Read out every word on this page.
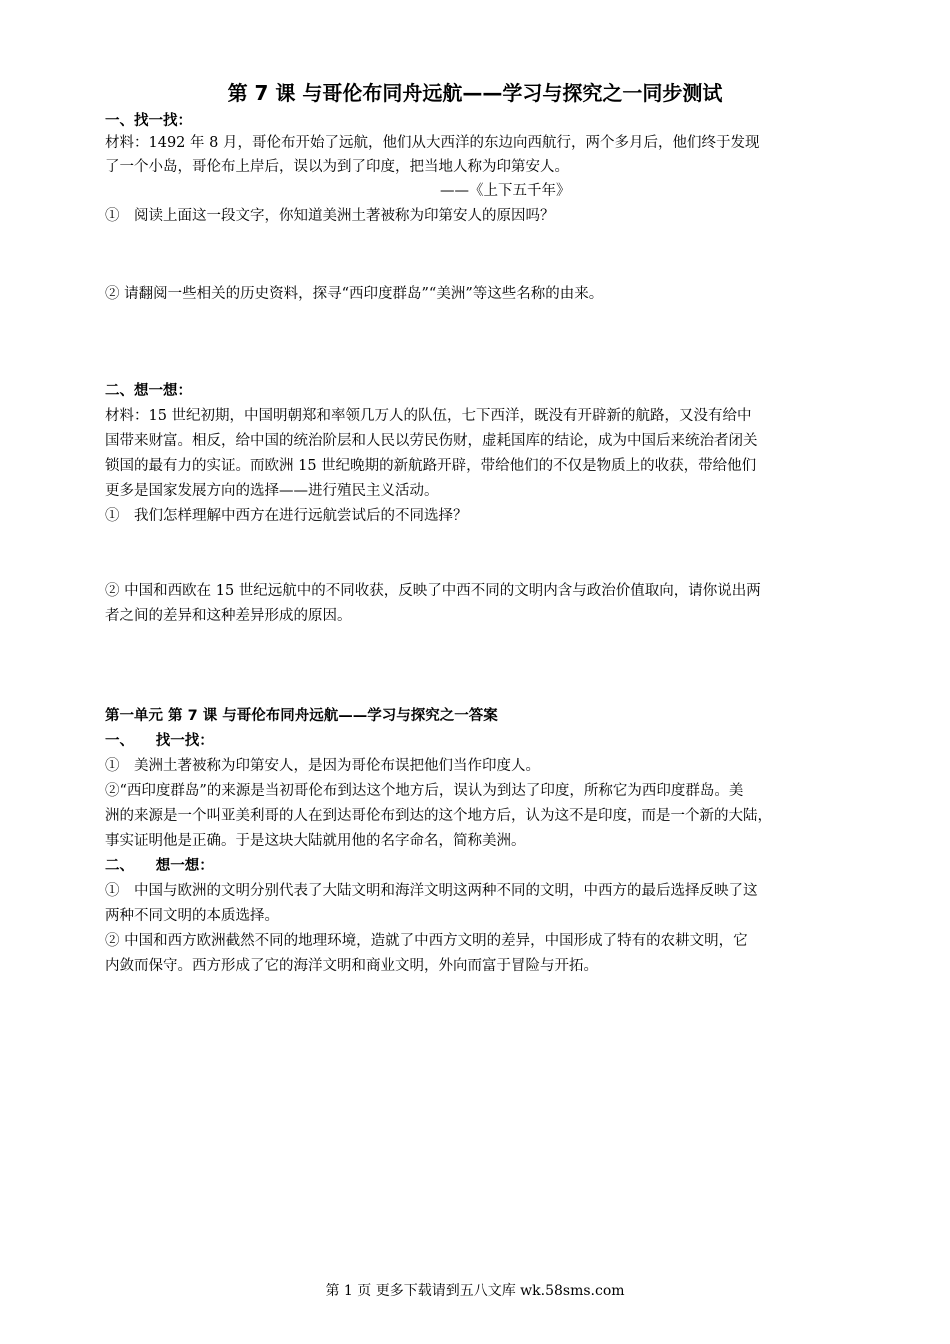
第 7 课 与哥伦布同舟远航——学习与探究之一同步测试
一、找一找：
材料：1492 年 8 月，哥伦布开始了远航，他们从大西洋的东边向西航行，两个多月后，他们终于发现
了一个小岛，哥伦布上岸后，误以为到了印度，把当地人称为印第安人。
——《上下五千年》
①　阅读上面这一段文字，你知道美洲土著被称为印第安人的原因吗？
② 请翻阅一些相关的历史资料，探寻“西印度群岛”“美洲”等这些名称的由来。
二、想一想：
材料：15 世纪初期，中国明朝郑和率领几万人的队伍，七下西洋，既没有开辟新的航路，又没有给中
国带来财富。相反，给中国的统治阶层和人民以劳民伤财，虚耗国库的结论，成为中国后来统治者闭关
锁国的最有力的实证。而欧洲 15 世纪晚期的新航路开辟，带给他们的不仅是物质上的收获，带给他们
更多是国家发展方向的选择——进行殖民主义活动。
①　我们怎样理解中西方在进行远航尝试后的不同选择？
② 中国和西欧在 15 世纪远航中的不同收获，反映了中西不同的文明内含与政治价值取向，请你说出两
者之间的差异和这种差异形成的原因。
第一单元 第 7 课 与哥伦布同舟远航——学习与探究之一答案
一、　　找一找：
①　美洲土著被称为印第安人，是因为哥伦布误把他们当作印度人。
②“西印度群岛”的来源是当初哥伦布到达这个地方后，误认为到达了印度，所称它为西印度群岛。美
洲的来源是一个叫亚美利哥的人在到达哥伦布到达的这个地方后，认为这不是印度，而是一个新的大陆，
事实证明他是正确。于是这块大陆就用他的名字命名，简称美洲。
二、　　想一想：
①　中国与欧洲的文明分别代表了大陆文明和海洋文明这两种不同的文明，中西方的最后选择反映了这
两种不同文明的本质选择。
② 中国和西方欧洲截然不同的地理环境，造就了中西方文明的差异，中国形成了特有的农耕文明，它
内敛而保守。西方形成了它的海洋文明和商业文明，外向而富于冒险与开拓。
第 1 页 更多下载请到五八文库 wk.58sms.com
